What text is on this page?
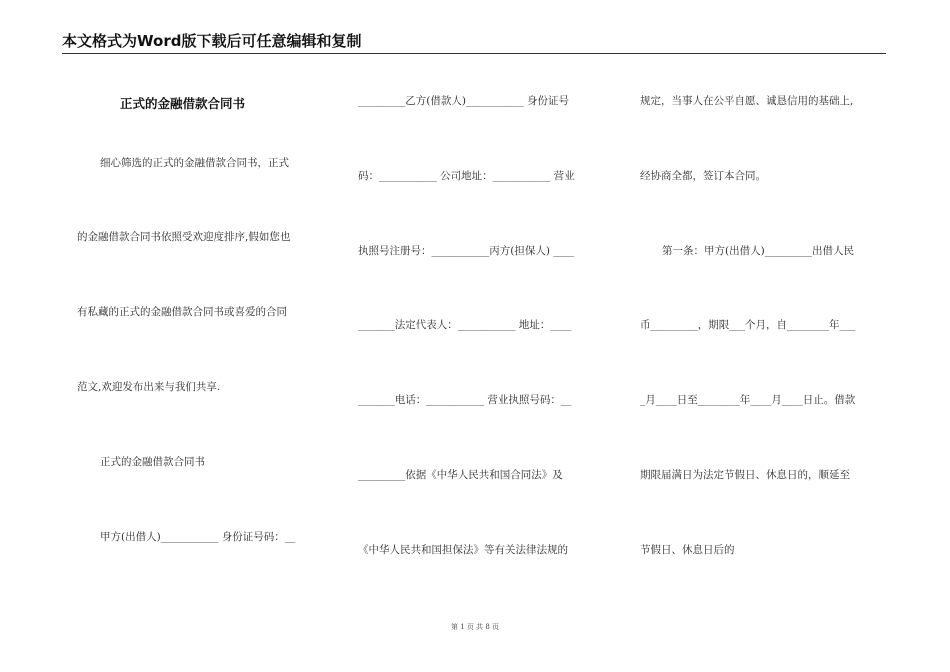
本文格式为Word版下载后可任意编辑和复制
正式的金融借款合同书
细心筛选的正式的金融借款合同书，正式
的金融借款合同书依照受欢迎度排序,假如您也
有私藏的正式的金融借款合同书或喜爱的合同
范文,欢迎发布出来与我们共享.
正式的金融借款合同书
甲方(出借人)___________ 身份证号码：__
_________乙方(借款人)___________ 身份证号
码：___________ 公司地址：___________ 营业
执照号注册号：___________丙方(担保人) ____
_______法定代表人：___________ 地址：____
_______电话：___________ 营业执照号码：__
_________依据《中华人民共和国合同法》及
《中华人民共和国担保法》等有关法律法规的
规定，当事人在公平自愿、诚恳信用的基础上,
经协商全都，签订本合同。
第一条：甲方(出借人)_________出借人民
币_________，期限___个月，自________年___
_月____日至________年____月____日止。借款
期限届满日为法定节假日、休息日的，顺延至
节假日、休息日后的
第 1 页 共 8 页
